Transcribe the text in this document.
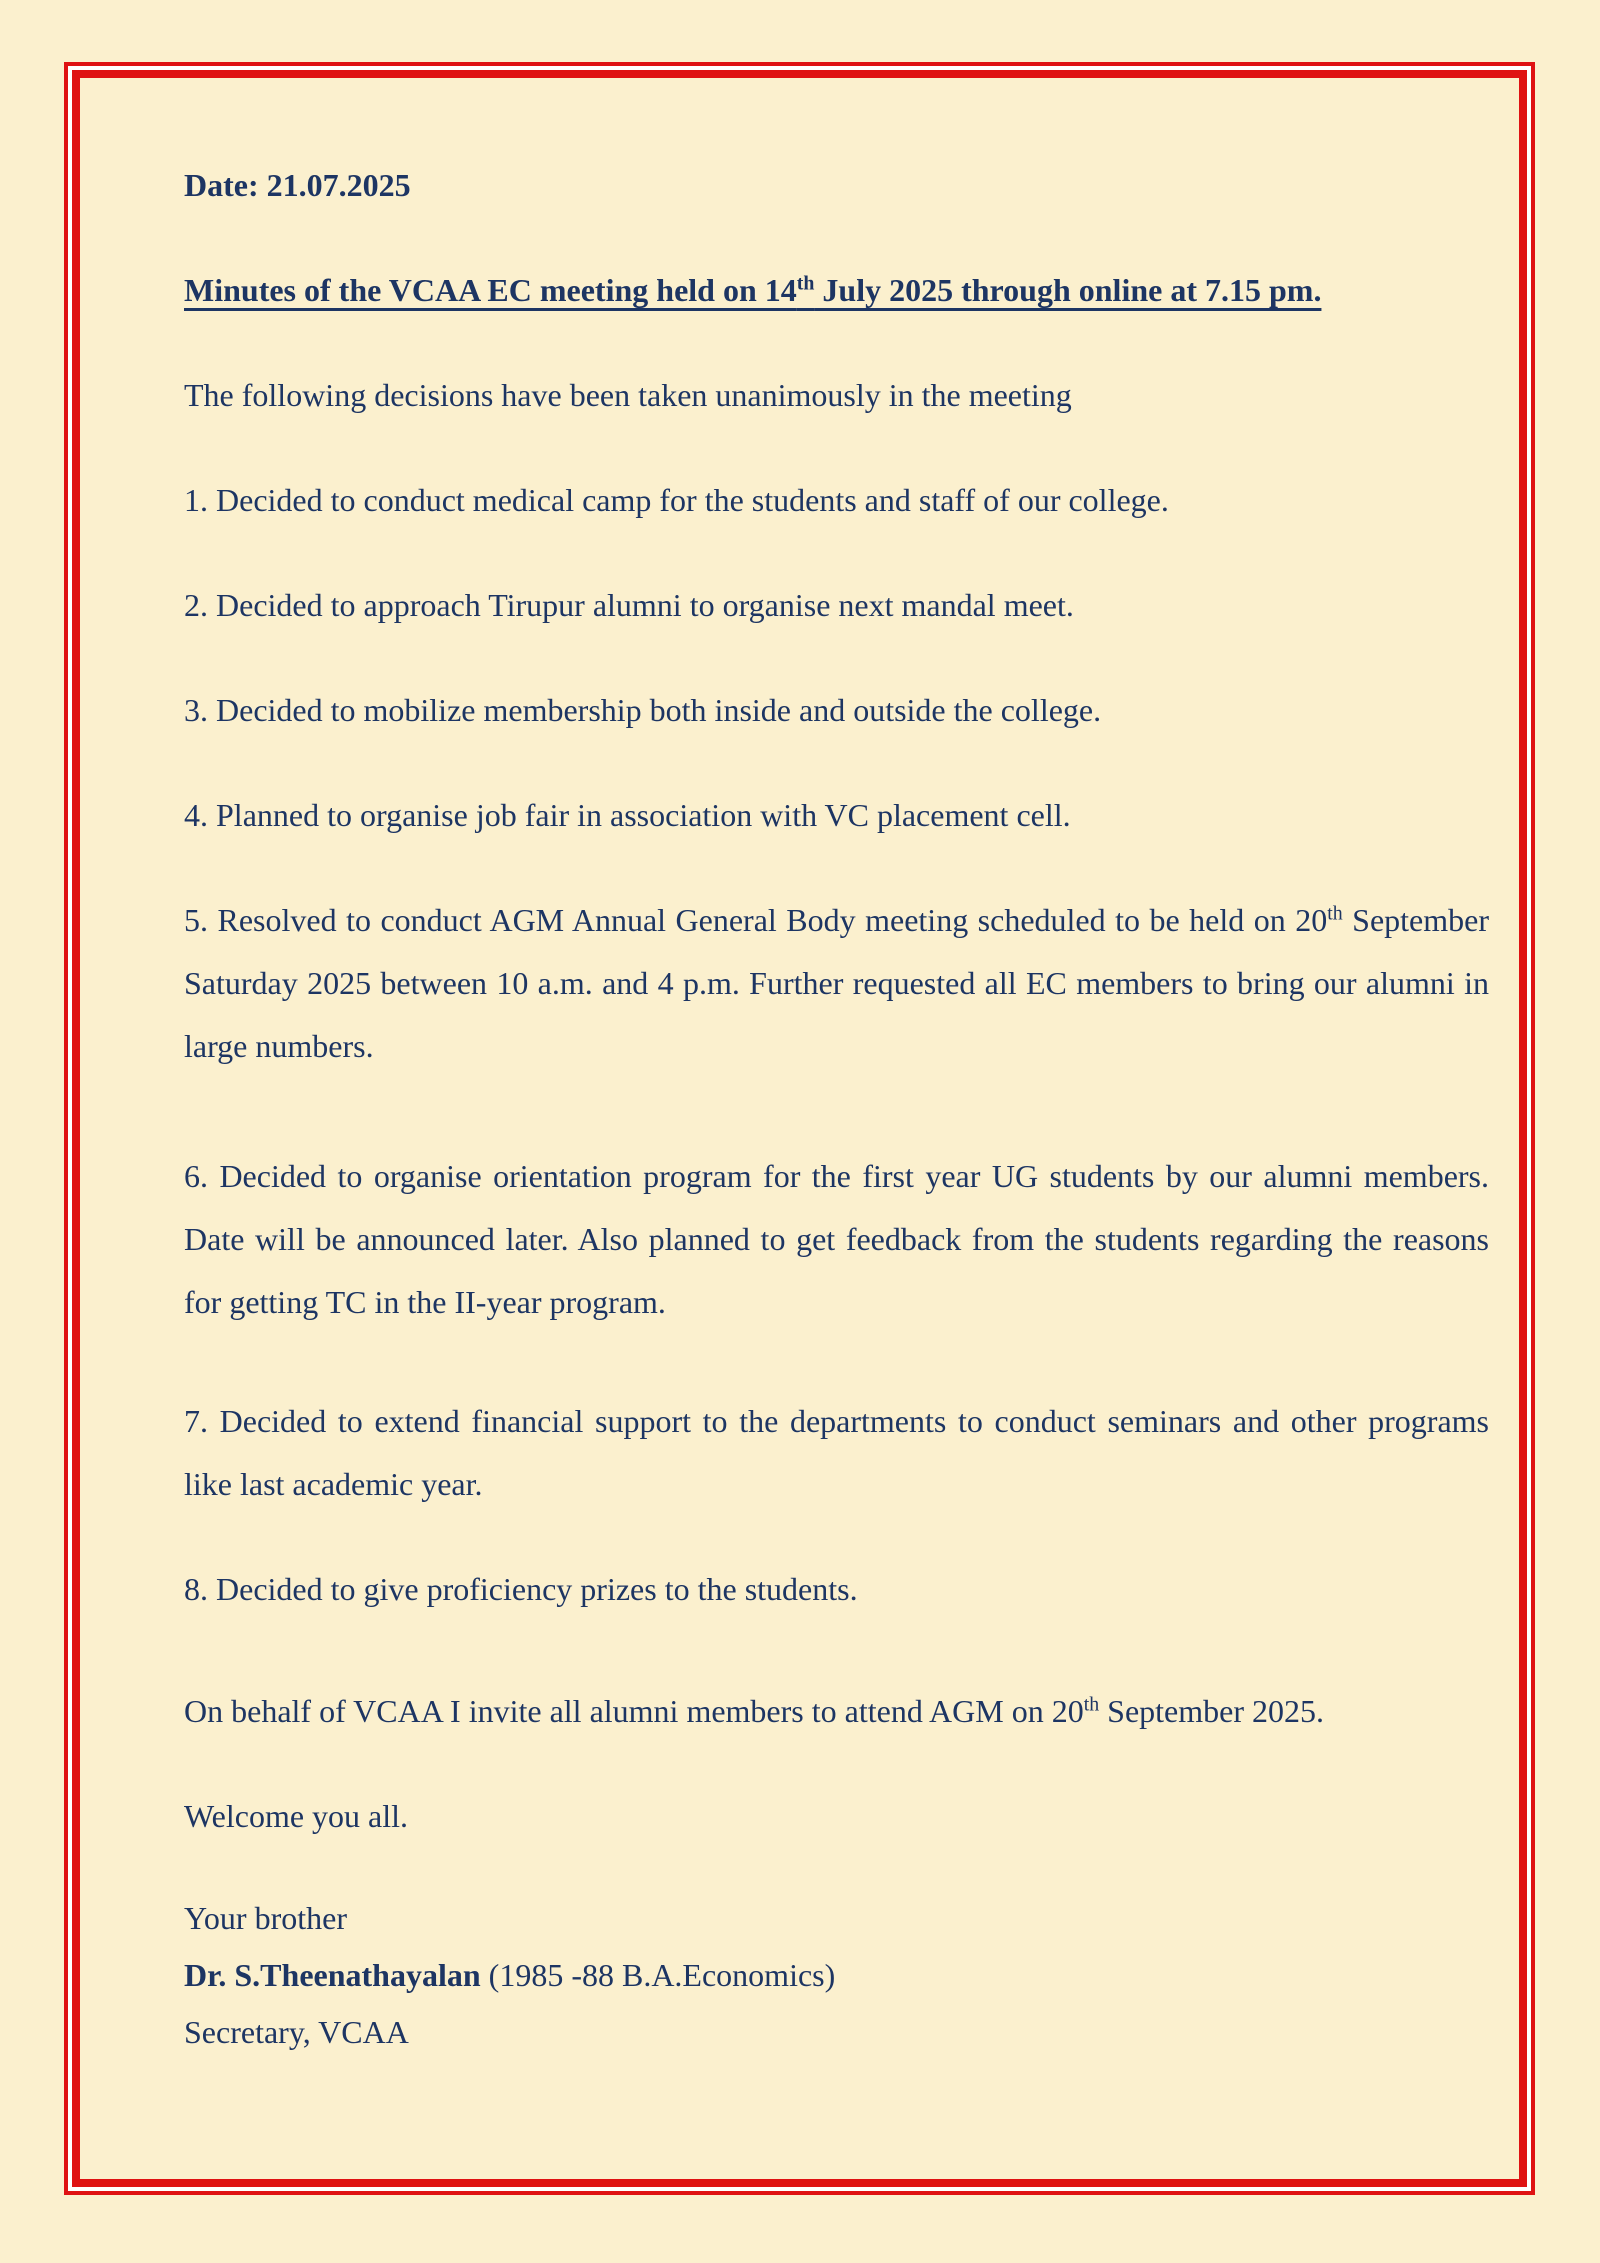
Date: 21.07.2025

Minutes of the VCAA EC meeting held on 14th July 2025 through online at 7.15 pm.

The following decisions have been taken unanimously in the meeting

1. Decided to conduct medical camp for the students and staff of our college.

2. Decided to approach Tirupur alumni to organise next mandal meet.

3. Decided to mobilize membership both inside and outside the college.

4. Planned to organise job fair in association with VC placement cell.

5. Resolved to conduct AGM Annual General Body meeting scheduled to be held on 20th September Saturday 2025 between 10 a.m. and 4 p.m. Further requested all EC members to bring our alumni in large numbers.

6. Decided to organise orientation program for the first year UG students by our alumni members. Date will be announced later. Also planned to get feedback from the students regarding the reasons for getting TC in the II-year program.

7. Decided to extend financial support to the departments to conduct seminars and other programs like last academic year.

8. Decided to give proficiency prizes to the students.

On behalf of VCAA I invite all alumni members to attend AGM on 20th September 2025.

Welcome you all.

Your brother

Dr. S.Theenathayalan (1985 -88 B.A.Economics)

Secretary, VCAA
